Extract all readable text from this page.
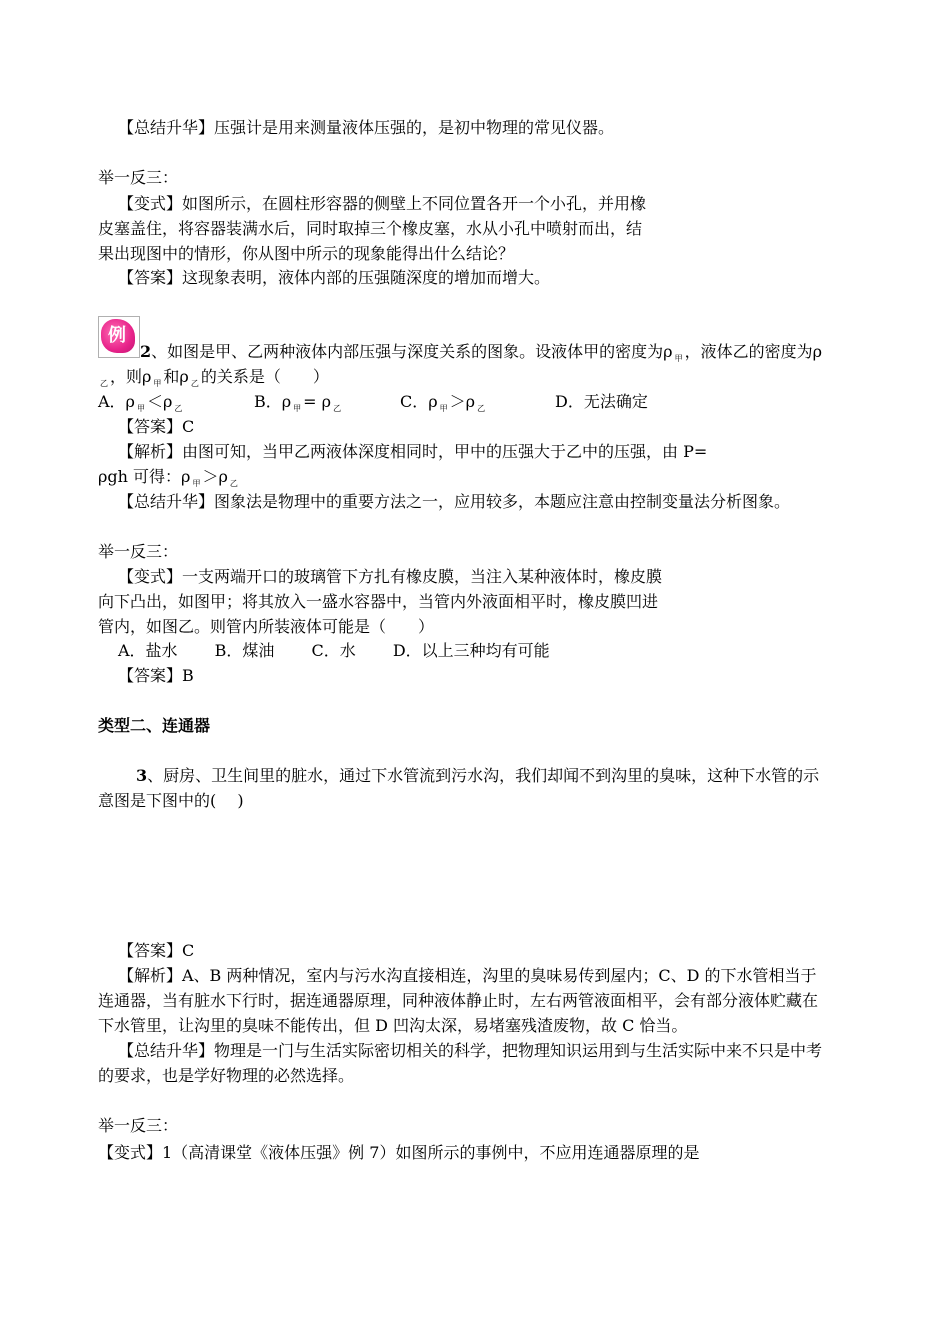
【总结升华】压强计是用来测量液体压强的，是初中物理的常见仪器。
举一反三：
【变式】如图所示，在圆柱形容器的侧壁上不同位置各开一个小孔，并用橡
皮塞盖住，将容器装满水后，同时取掉三个橡皮塞，水从小孔中喷射而出，结
果出现图中的情形，你从图中所示的现象能得出什么结论？
【答案】这现象表明，液体内部的压强随深度的增加而增大。
例
2、如图是甲、乙两种液体内部压强与深度关系的图象。设液体甲的密度为ρ $_甲$ ，液体乙的密度为ρ
$_乙$ ，则ρ $_甲$ 和ρ $_乙$ 的关系是（　　）
A．ρ $_甲$ ＜ρ $_乙$	B．ρ $_甲$ = ρ $_乙$	C．ρ $_甲$ ＞ρ $_乙$	D．无法确定
【答案】C
【解析】由图可知，当甲乙两液体深度相同时，甲中的压强大于乙中的压强，由 P=
ρgh 可得：ρ $_甲$ ＞ρ $_乙$
【总结升华】图象法是物理中的重要方法之一，应用较多，本题应注意由控制变量法分析图象。
举一反三：
【变式】一支两端开口的玻璃管下方扎有橡皮膜，当注入某种液体时，橡皮膜
向下凸出，如图甲；将其放入一盛水容器中，当管内外液面相平时，橡皮膜凹进
管内，如图乙。则管内所装液体可能是（　　）
A．盐水　　 B．煤油　　 C．水　　 D．以上三种均有可能
【答案】B
类型二、连通器
3、厨房、卫生间里的脏水，通过下水管流到污水沟，我们却闻不到沟里的臭味，这种下水管的示
意图是下图中的(　 )
【答案】C
【解析】A、B 两种情况，室内与污水沟直接相连，沟里的臭味易传到屋内；C、D 的下水管相当于
连通器，当有脏水下行时，据连通器原理，同种液体静止时，左右两管液面相平，会有部分液体贮藏在
下水管里，让沟里的臭味不能传出，但 D 凹沟太深，易堵塞残渣废物，故 C 恰当。
【总结升华】物理是一门与生活实际密切相关的科学，把物理知识运用到与生活实际中来不只是中考
的要求，也是学好物理的必然选择。
举一反三：
【变式】1（高清课堂《液体压强》例 7）如图所示的事例中，不应用连通器原理的是
